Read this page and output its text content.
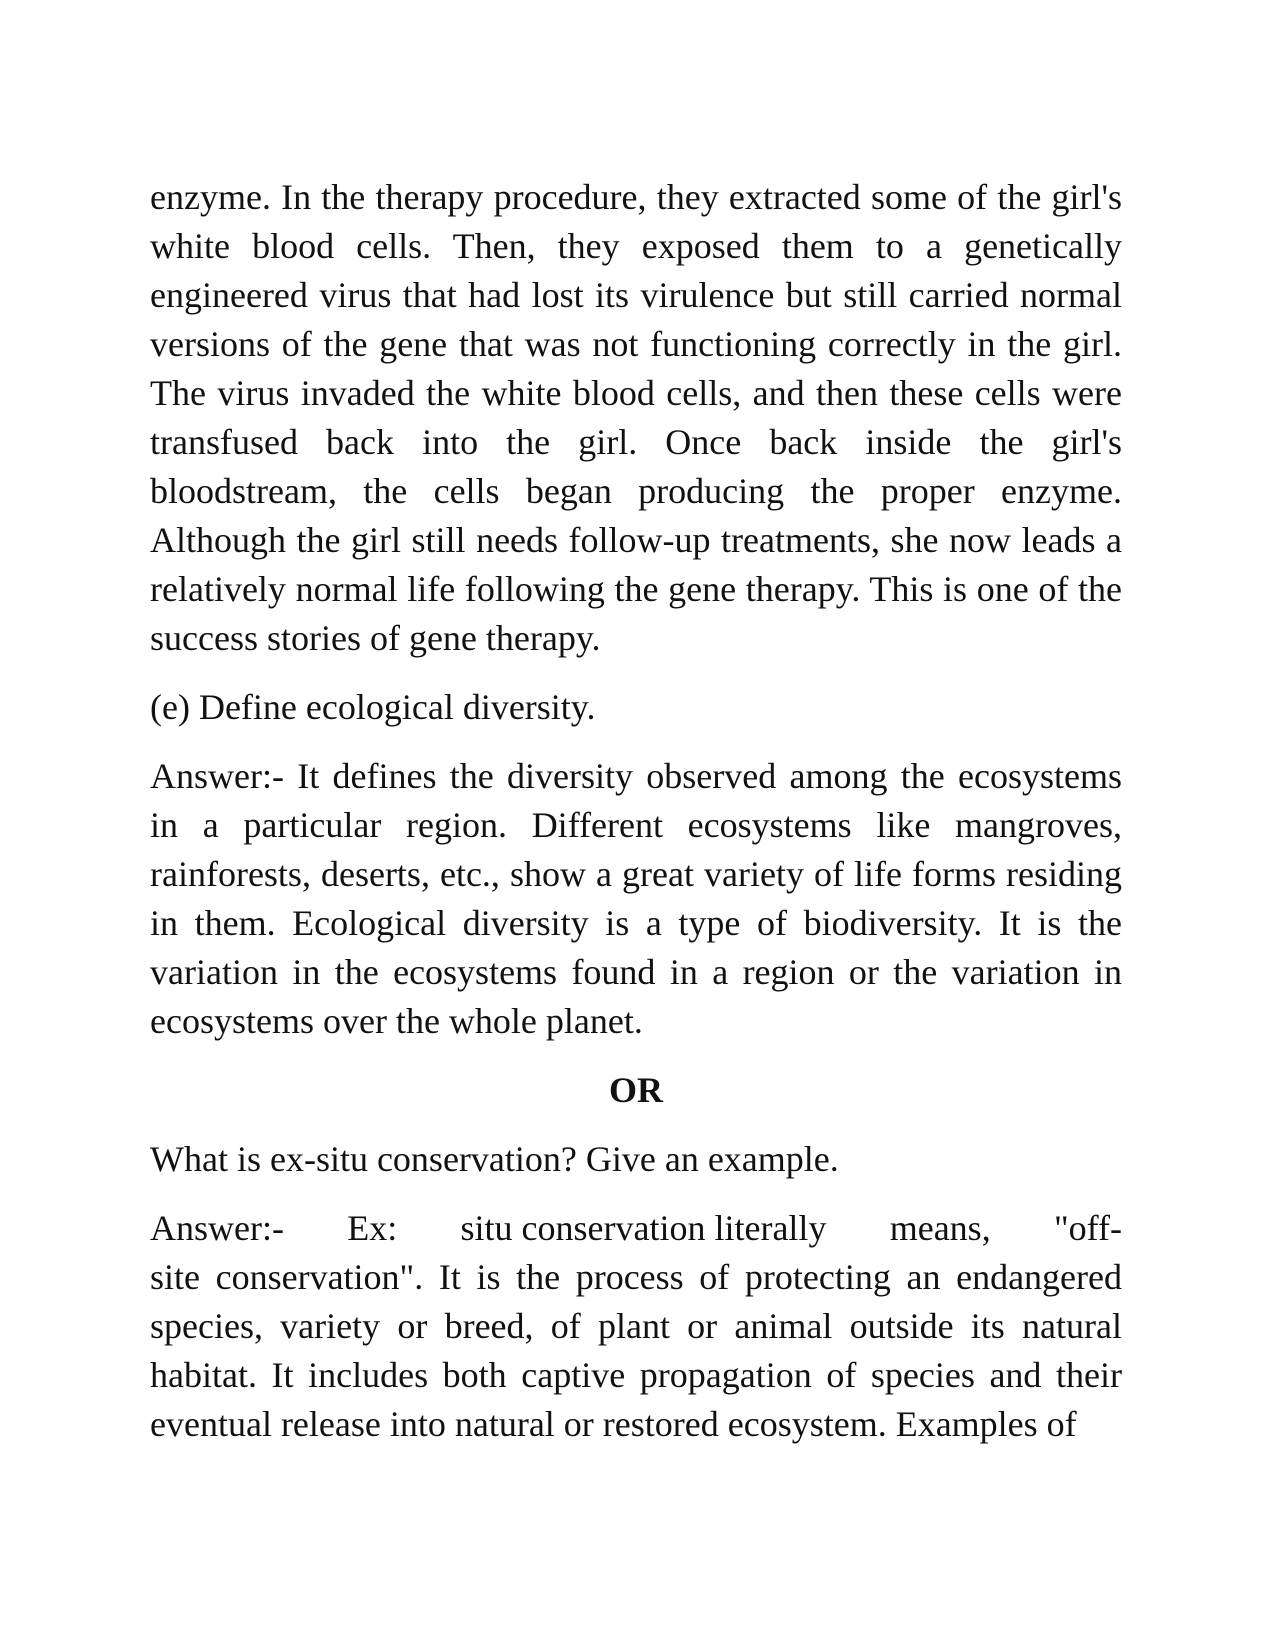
enzyme. In the therapy procedure, they extracted some of the girl's white blood cells. Then, they exposed them to a genetically engineered virus that had lost its virulence but still carried normal versions of the gene that was not functioning correctly in the girl. The virus invaded the white blood cells, and then these cells were transfused back into the girl. Once back inside the girl's bloodstream, the cells began producing the proper enzyme. Although the girl still needs follow-up treatments, she now leads a relatively normal life following the gene therapy. This is one of the success stories of gene therapy.

(e) Define ecological diversity.

Answer:- It defines the diversity observed among the ecosystems in a particular region. Different ecosystems like mangroves, rainforests, deserts, etc., show a great variety of life forms residing in them. Ecological diversity is a type of biodiversity. It is the variation in the ecosystems found in a region or the variation in ecosystems over the whole planet.

OR

What is ex-situ conservation? Give an example.

Answer:- Ex: situ conservation literally means, "off-

site conservation". It is the process of protecting an endangered species, variety or breed, of plant or animal outside its natural habitat. It includes both captive propagation of species and their eventual release into natural or restored ecosystem. Examples of
